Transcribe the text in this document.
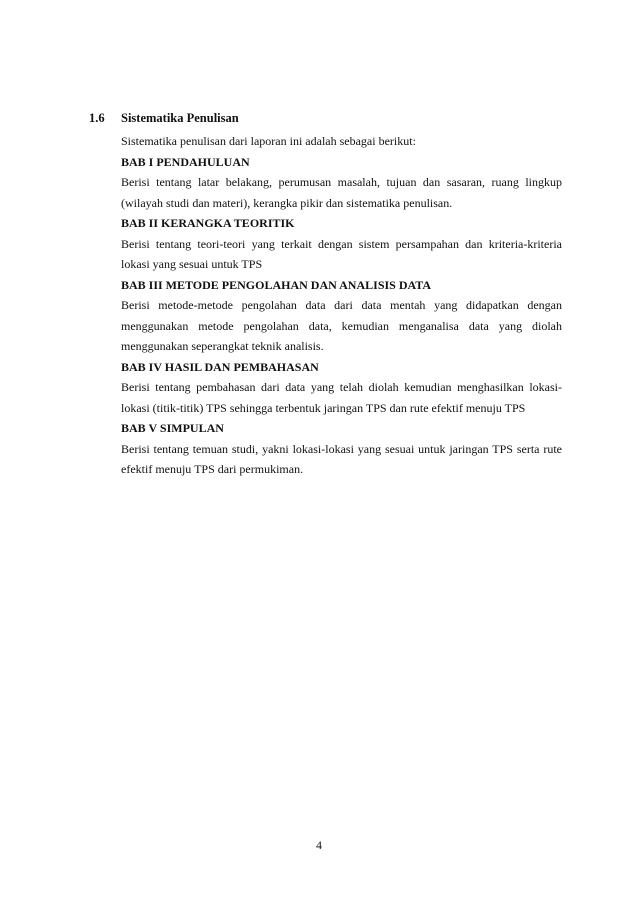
1.6 Sistematika Penulisan

Sistematika penulisan dari laporan ini adalah sebagai berikut:

BAB I PENDAHULUAN

Berisi tentang latar belakang, perumusan masalah, tujuan dan sasaran, ruang lingkup (wilayah studi dan materi), kerangka pikir dan sistematika penulisan.

BAB II KERANGKA TEORITIK

Berisi tentang teori-teori yang terkait dengan sistem persampahan dan kriteria-kriteria lokasi yang sesuai untuk TPS

BAB III METODE PENGOLAHAN DAN ANALISIS DATA

Berisi metode-metode pengolahan data dari data mentah yang didapatkan dengan menggunakan metode pengolahan data, kemudian menganalisa data yang diolah menggunakan seperangkat teknik analisis.

BAB IV HASIL DAN PEMBAHASAN

Berisi tentang pembahasan dari data yang telah diolah kemudian menghasilkan lokasi-lokasi (titik-titik) TPS sehingga terbentuk jaringan TPS dan rute efektif menuju TPS

BAB V SIMPULAN

Berisi tentang temuan studi, yakni lokasi-lokasi yang sesuai untuk jaringan TPS serta rute efektif menuju TPS dari permukiman.

4
